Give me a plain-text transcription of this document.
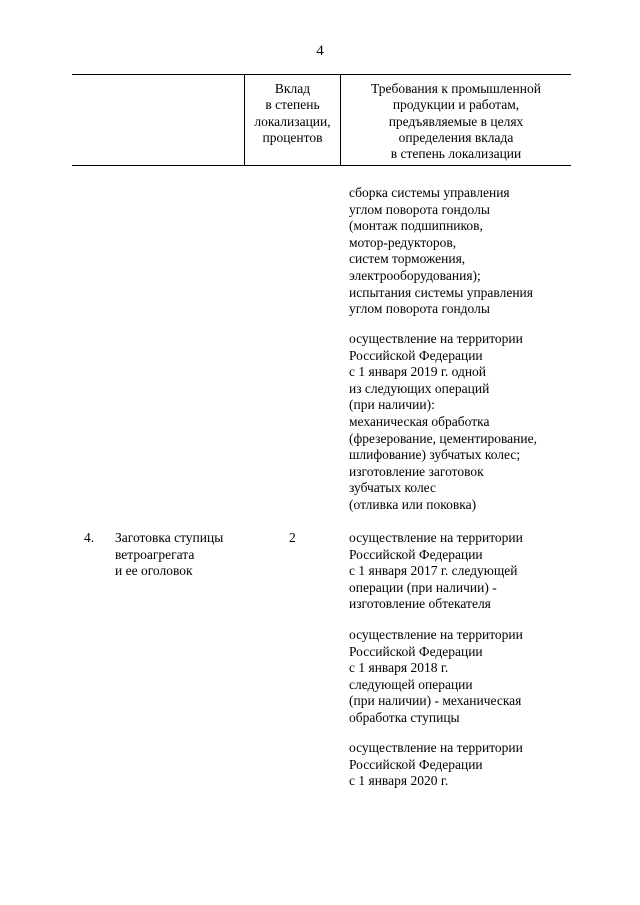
4
Вклад
в степень
локализации,
процентов
Требования к промышленной
продукции и работам,
предъявляемые в целях
определения вклада
в степень локализации
сборка системы управления
углом поворота гондолы
(монтаж подшипников,
мотор-редукторов,
систем торможения,
электрооборудования);
испытания системы управления
углом поворота гондолы
осуществление на территории
Российской Федерации
с 1 января 2019 г. одной
из следующих операций
(при наличии):
механическая обработка
(фрезерование, цементирование,
шлифование) зубчатых колес;
изготовление заготовок
зубчатых колес
(отливка или поковка)
4. Заготовка ступицы
ветроагрегата
и ее оголовок
2	осуществление на территории
Российской Федерации
с 1 января 2017 г. следующей
операции (при наличии) -
изготовление обтекателя
осуществление на территории
Российской Федерации
с 1 января 2018 г.
следующей операции
(при наличии) - механическая
обработка ступицы
осуществление на территории
Российской Федерации
с 1 января 2020 г.
